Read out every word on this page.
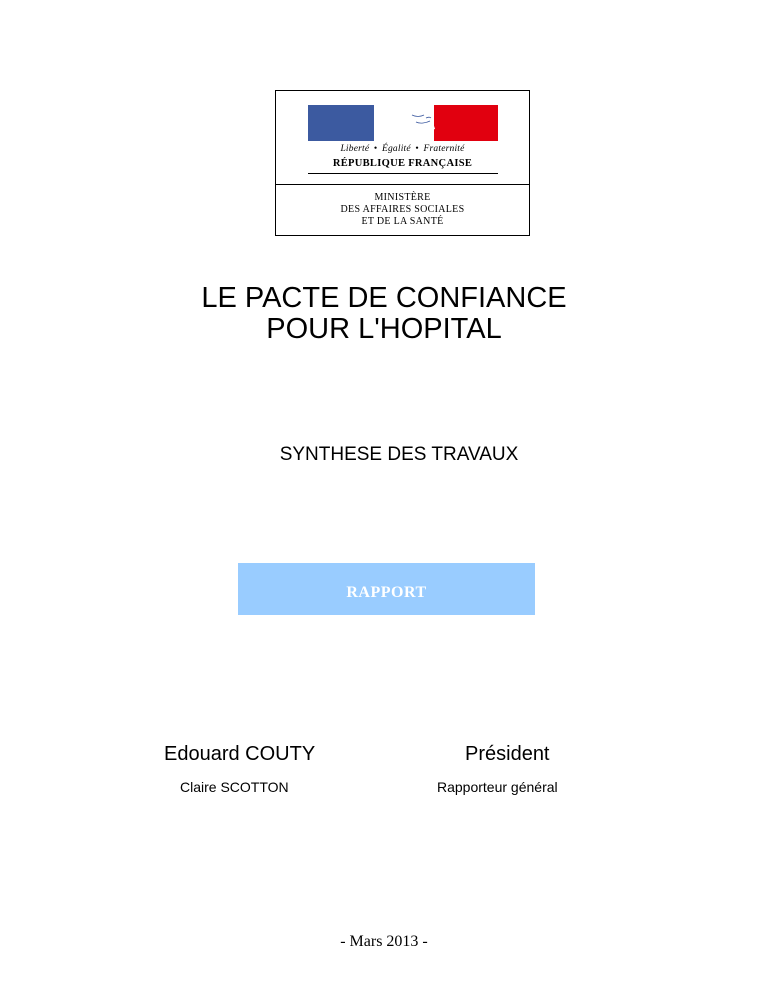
Liberté • Égalité • Fraternité
RÉPUBLIQUE FRANÇAISE
MINISTÈRE
DES AFFAIRES SOCIALES
ET DE LA SANTÉ
LE PACTE DE CONFIANCE
POUR L'HOPITAL
SYNTHESE DES TRAVAUX
RAPPORT
Edouard COUTY	Président
Claire SCOTTON	Rapporteur général
- Mars 2013 -
